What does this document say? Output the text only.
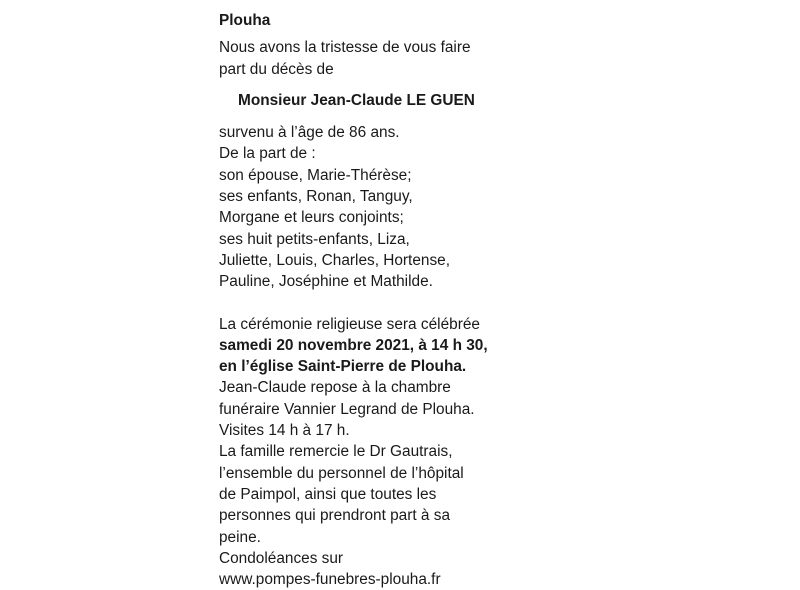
Plouha
Nous avons la tristesse de vous faire
part du décès de
Monsieur Jean-Claude LE GUEN
survenu à l’âge de 86 ans.
De la part de :
son épouse, Marie-Thérèse;
ses enfants, Ronan, Tanguy,
Morgane et leurs conjoints;
ses huit petits-enfants, Liza,
Juliette, Louis, Charles, Hortense,
Pauline, Joséphine et Mathilde.
La cérémonie religieuse sera célébrée
samedi 20 novembre 2021, à 14 h 30,
en l’église Saint-Pierre de Plouha.
Jean-Claude repose à la chambre
funéraire Vannier Legrand de Plouha.
Visites 14 h à 17 h.
La famille remercie le Dr Gautrais,
l’ensemble du personnel de l’hôpital
de Paimpol, ainsi que toutes les
personnes qui prendront part à sa
peine.
Condoléances sur
www.pompes-funebres-plouha.fr
